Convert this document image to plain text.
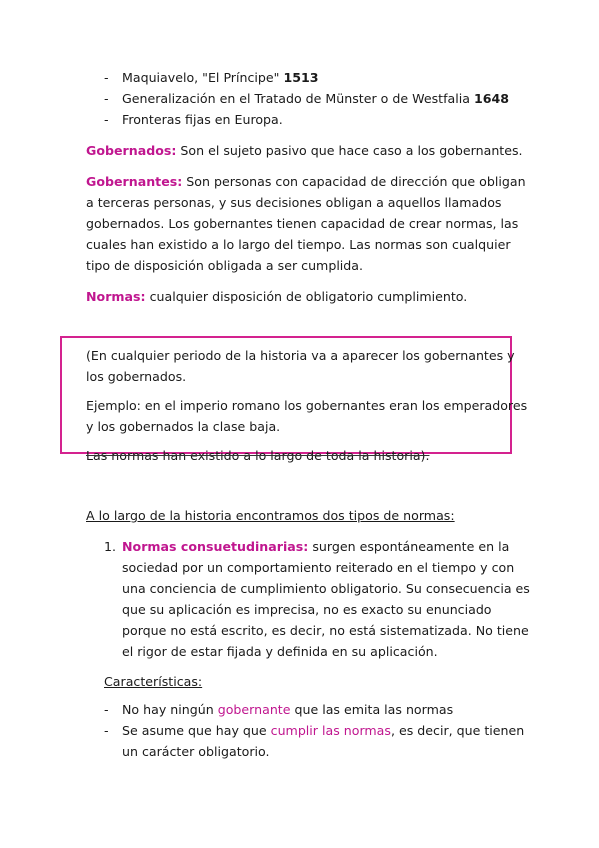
- Maquiavelo, "El Príncipe" 1513
- Generalización en el Tratado de Münster o de Westfalia 1648
- Fronteras fijas en Europa.
Gobernados: Son el sujeto pasivo que hace caso a los gobernantes.
Gobernantes: Son personas con capacidad de dirección que obligan
a terceras personas, y sus decisiones obligan a aquellos llamados
gobernados. Los gobernantes tienen capacidad de crear normas, las
cuales han existido a lo largo del tiempo. Las normas son cualquier
tipo de disposición obligada a ser cumplida.
Normas: cualquier disposición de obligatorio cumplimiento.
(En cualquier periodo de la historia va a aparecer los gobernantes y
los gobernados.
Ejemplo: en el imperio romano los gobernantes eran los emperadores
y los gobernados la clase baja.
Las normas han existido a lo largo de toda la historia).
A lo largo de la historia encontramos dos tipos de normas:
1. Normas consuetudinarias: surgen espontáneamente en la
sociedad por un comportamiento reiterado en el tiempo y con
una conciencia de cumplimiento obligatorio. Su consecuencia es
que su aplicación es imprecisa, no es exacto su enunciado
porque no está escrito, es decir, no está sistematizada. No tiene
el rigor de estar fijada y definida en su aplicación.
Características:
- No hay ningún gobernante que las emita las normas
- Se asume que hay que cumplir las normas, es decir, que tienen
un carácter obligatorio.
